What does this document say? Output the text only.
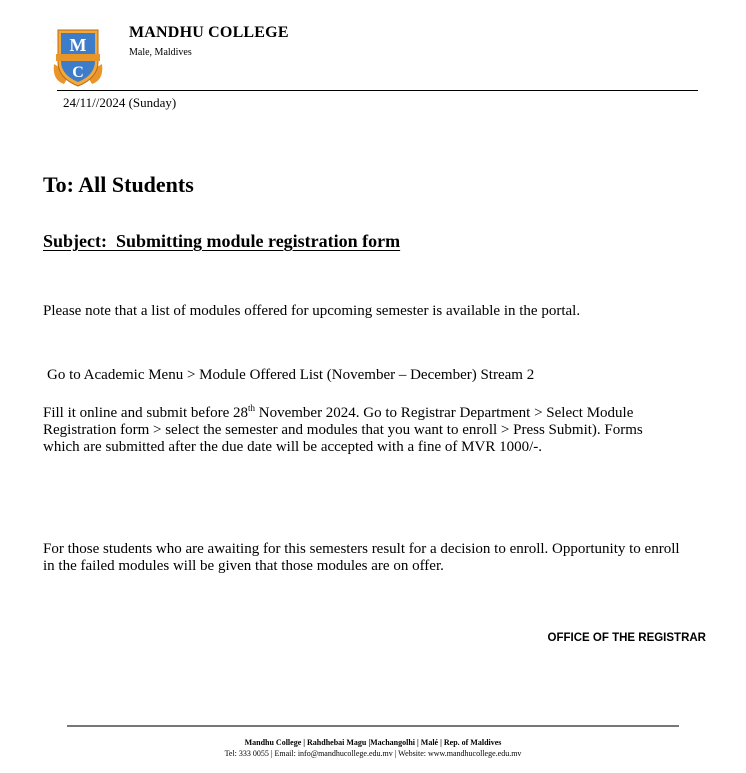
M
C
MANDHU COLLEGE
Male, Maldives
24/11//2024 (Sunday)
To: All Students
Subject:  Submitting module registration form
Please note that a list of modules offered for upcoming semester is available in the portal.
Go to Academic Menu > Module Offered List (November – December) Stream 2
Fill it online and submit before 28th November 2024. Go to Registrar Department > Select Module Registration form > select the semester and modules that you want to enroll > Press Submit). Forms which are submitted after the due date will be accepted with a fine of MVR 1000/-.
For those students who are awaiting for this semesters result for a decision to enroll. Opportunity to enroll in the failed modules will be given that those modules are on offer.
OFFICE OF THE REGISTRAR
Mandhu College | Rahdhebai Magu |Machangolhi | Malé | Rep. of Maldives
Tel: 333 0055 | Email: info@mandhucollege.edu.mv | Website: www.mandhucollege.edu.mv
